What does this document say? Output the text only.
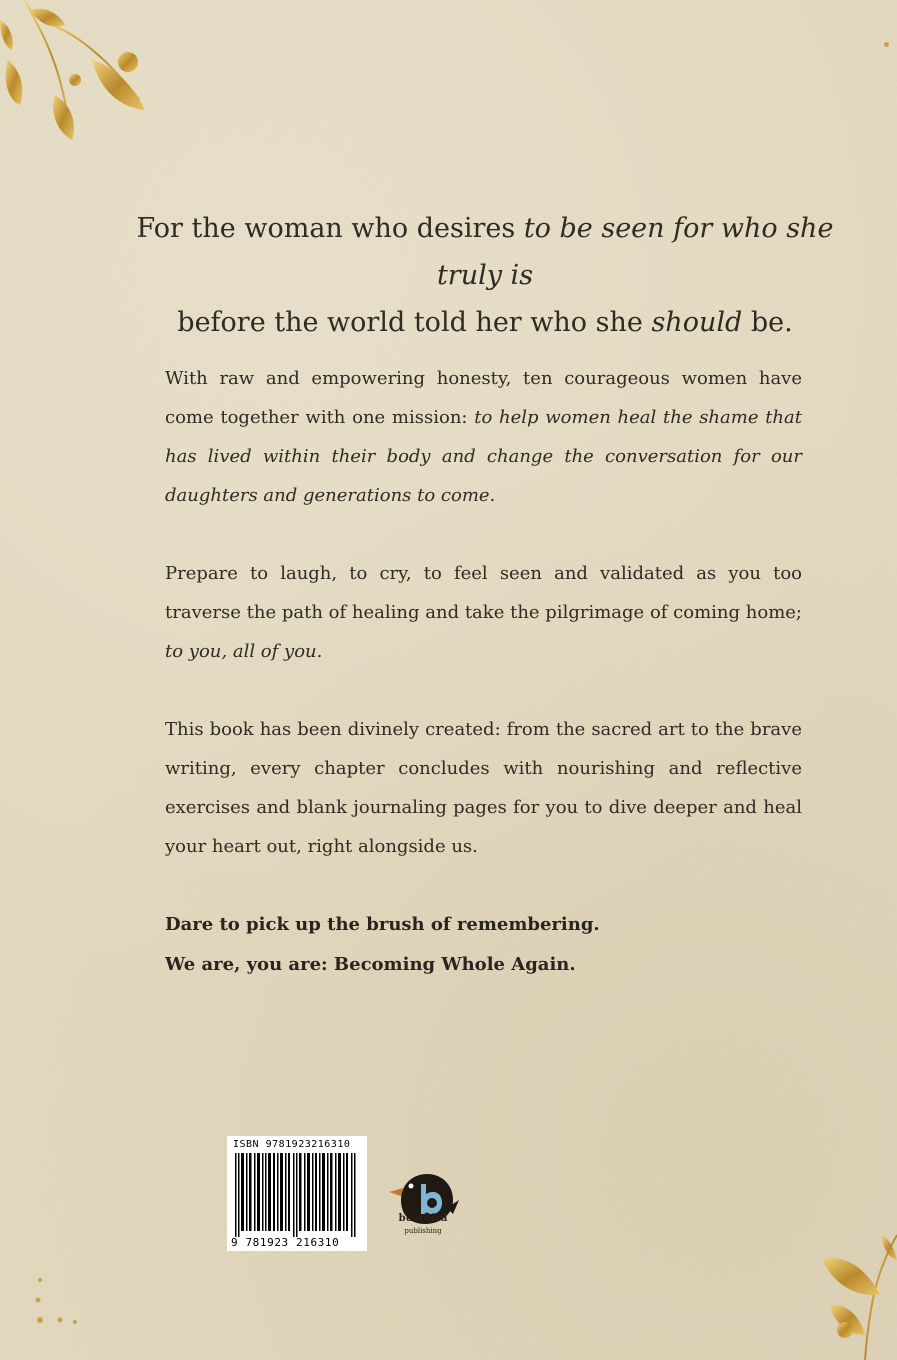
For the woman who desires to be seen for who she truly is
before the world told her who she should be.
With raw and empowering honesty, ten courageous women have come together with one mission: to help women heal the shame that has lived within their body and change the conversation for our daughters and generations to come.
Prepare to laugh, to cry, to feel seen and validated as you too traverse the path of healing and take the pilgrimage of coming home; to you, all of you.
This book has been divinely created: from the sacred art to the brave writing, every chapter concludes with nourishing and reflective exercises and blank journaling pages for you to dive deeper and heal your heart out, right alongside us.
Dare to pick up the brush of remembering.
We are, you are: Becoming Whole Again.
ISBN 9781923216310
9 781923 216310
busybird
publishing
